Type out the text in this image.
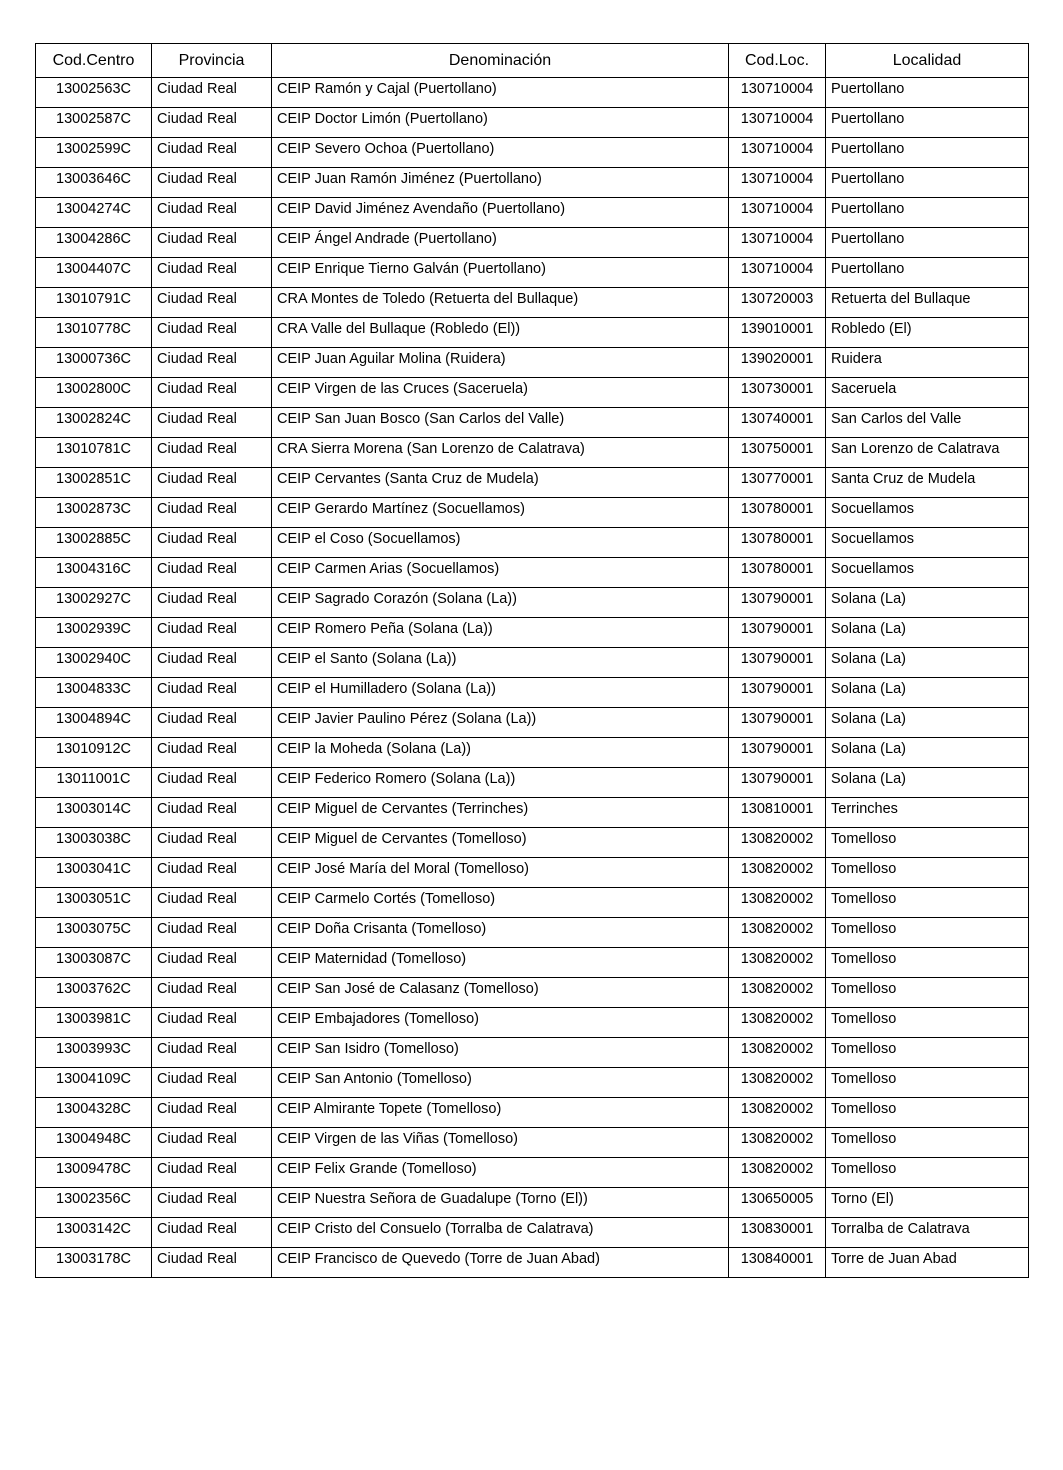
Cod.Centro	Provincia	Denominación	Cod.Loc.	Localidad
13002563C	Ciudad Real	CEIP Ramón y Cajal (Puertollano)	130710004	Puertollano
13002587C	Ciudad Real	CEIP Doctor Limón (Puertollano)	130710004	Puertollano
13002599C	Ciudad Real	CEIP Severo Ochoa (Puertollano)	130710004	Puertollano
13003646C	Ciudad Real	CEIP Juan Ramón Jiménez (Puertollano)	130710004	Puertollano
13004274C	Ciudad Real	CEIP David Jiménez Avendaño (Puertollano)	130710004	Puertollano
13004286C	Ciudad Real	CEIP Ángel Andrade (Puertollano)	130710004	Puertollano
13004407C	Ciudad Real	CEIP Enrique Tierno Galván (Puertollano)	130710004	Puertollano
13010791C	Ciudad Real	CRA Montes de Toledo (Retuerta del Bullaque)	130720003	Retuerta del Bullaque
13010778C	Ciudad Real	CRA Valle del Bullaque (Robledo (El))	139010001	Robledo (El)
13000736C	Ciudad Real	CEIP Juan Aguilar Molina (Ruidera)	139020001	Ruidera
13002800C	Ciudad Real	CEIP Virgen de las Cruces (Saceruela)	130730001	Saceruela
13002824C	Ciudad Real	CEIP San Juan Bosco (San Carlos del Valle)	130740001	San Carlos del Valle
13010781C	Ciudad Real	CRA Sierra Morena (San Lorenzo de Calatrava)	130750001	San Lorenzo de Calatrava
13002851C	Ciudad Real	CEIP Cervantes (Santa Cruz de Mudela)	130770001	Santa Cruz de Mudela
13002873C	Ciudad Real	CEIP Gerardo Martínez (Socuellamos)	130780001	Socuellamos
13002885C	Ciudad Real	CEIP el Coso (Socuellamos)	130780001	Socuellamos
13004316C	Ciudad Real	CEIP Carmen Arias (Socuellamos)	130780001	Socuellamos
13002927C	Ciudad Real	CEIP Sagrado Corazón (Solana (La))	130790001	Solana (La)
13002939C	Ciudad Real	CEIP Romero Peña (Solana (La))	130790001	Solana (La)
13002940C	Ciudad Real	CEIP el Santo (Solana (La))	130790001	Solana (La)
13004833C	Ciudad Real	CEIP el Humilladero (Solana (La))	130790001	Solana (La)
13004894C	Ciudad Real	CEIP Javier Paulino Pérez (Solana (La))	130790001	Solana (La)
13010912C	Ciudad Real	CEIP la Moheda (Solana (La))	130790001	Solana (La)
13011001C	Ciudad Real	CEIP Federico Romero (Solana (La))	130790001	Solana (La)
13003014C	Ciudad Real	CEIP Miguel de Cervantes (Terrinches)	130810001	Terrinches
13003038C	Ciudad Real	CEIP Miguel de Cervantes (Tomelloso)	130820002	Tomelloso
13003041C	Ciudad Real	CEIP José María del Moral (Tomelloso)	130820002	Tomelloso
13003051C	Ciudad Real	CEIP Carmelo Cortés (Tomelloso)	130820002	Tomelloso
13003075C	Ciudad Real	CEIP Doña Crisanta (Tomelloso)	130820002	Tomelloso
13003087C	Ciudad Real	CEIP Maternidad (Tomelloso)	130820002	Tomelloso
13003762C	Ciudad Real	CEIP San José de Calasanz (Tomelloso)	130820002	Tomelloso
13003981C	Ciudad Real	CEIP Embajadores (Tomelloso)	130820002	Tomelloso
13003993C	Ciudad Real	CEIP San Isidro (Tomelloso)	130820002	Tomelloso
13004109C	Ciudad Real	CEIP San Antonio (Tomelloso)	130820002	Tomelloso
13004328C	Ciudad Real	CEIP Almirante Topete (Tomelloso)	130820002	Tomelloso
13004948C	Ciudad Real	CEIP Virgen de las Viñas (Tomelloso)	130820002	Tomelloso
13009478C	Ciudad Real	CEIP Felix Grande (Tomelloso)	130820002	Tomelloso
13002356C	Ciudad Real	CEIP Nuestra Señora de Guadalupe (Torno (El))	130650005	Torno (El)
13003142C	Ciudad Real	CEIP Cristo del Consuelo (Torralba de Calatrava)	130830001	Torralba de Calatrava
13003178C	Ciudad Real	CEIP Francisco de Quevedo (Torre de Juan Abad)	130840001	Torre de Juan Abad
